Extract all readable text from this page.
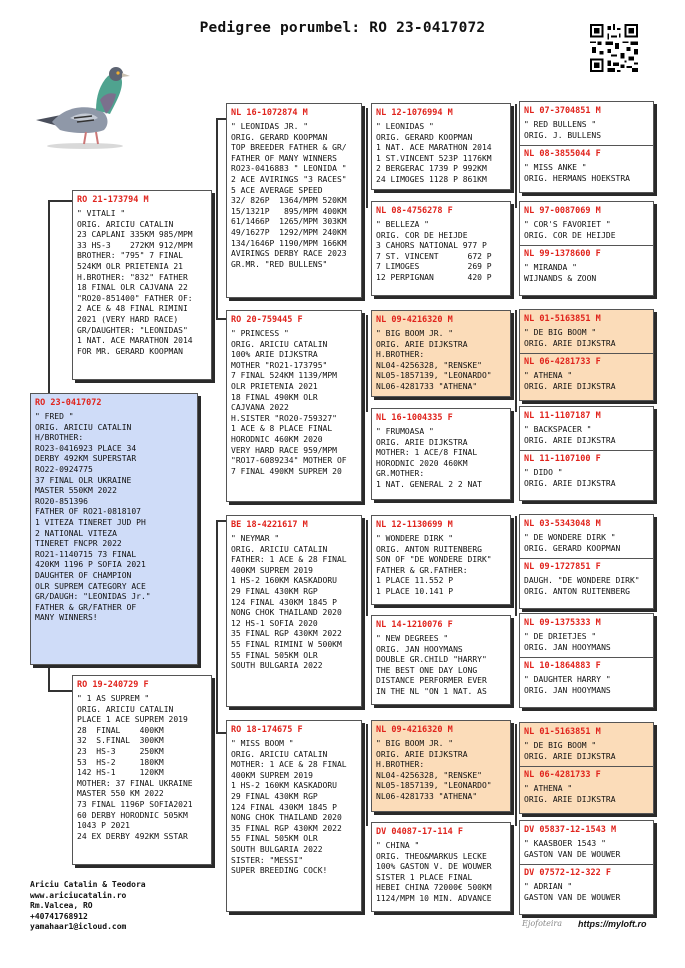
Pedigree porumbel: RO 23-0417072
RO 23-0417072
" FRED "
ORIG. ARICIU CATALIN
H/BROTHER:
RO23-0416923 PLACE 34
DERBY 492KM SUPERSTAR
RO22-0924775
37 FINAL OLR UKRAINE
MASTER 550KM 2022
RO20-851396
FATHER OF RO21-0818107
1 VITEZA TINERET JUD PH
2 NATIONAL VITEZA
TINERET FNCPR 2022
RO21-1140715 73 FINAL
420KM 1196 P SOFIA 2021
DAUGHTER OF CHAMPION
OLR SUPREM CATEGORY ACE
GR/DAUGH: "LEONIDAS Jr."
FATHER & GR/FATHER OF
MANY WINNERS!
RO 21-173794 M
" VITALI "
ORIG. ARICIU CATALIN
23 CAPLANI 335KM 985/MPM
33 HS-3    272KM 912/MPM
BROTHER: "795" 7 FINAL
524KM OLR PRIETENIA 21
H.BROTHER: "832" FATHER
18 FINAL OLR CAJVANA 22
"RO20-851400" FATHER OF:
2 ACE & 48 FINAL RIMINI
2021 (VERY HARD RACE)
GR/DAUGHTER: "LEONIDAS"
1 NAT. ACE MARATHON 2014
FOR MR. GERARD KOOPMAN
RO 19-240729 F
" 1 AS SUPREM "
ORIG. ARICIU CATALIN
PLACE 1 ACE SUPREM 2019
28  FINAL    400KM
32  S.FINAL  300KM
23  HS-3     250KM
53  HS-2     180KM
142 HS-1     120KM
MOTHER: 37 FINAL UKRAINE
MASTER 550 KM 2022
73 FINAL 1196P SOFIA2021
60 DERBY HORODNIC 505KM
1043 P 2021
24 EX DERBY 492KM SSTAR
NL 16-1072874 M
" LEONIDAS JR. "
ORIG. GERARD KOOPMAN
TOP BREEDER FATHER & GR/
FATHER OF MANY WINNERS
RO23-0416883 " LEONIDA "
2 ACE AVIRINGS "3 RACES"
5 ACE AVERAGE SPEED
32/ 826P  1364/MPM 520KM
15/1321P   895/MPM 400KM
61/1466P  1265/MPM 303KM
49/1627P  1292/MPM 240KM
134/1646P 1190/MPM 166KM
AVIRINGS DERBY RACE 2023
GR.MR. "RED BULLENS"
RO 20-759445 F
" PRINCESS "
ORIG. ARICIU CATALIN
100% ARIE DIJKSTRA
MOTHER "RO21-173795"
7 FINAL 524KM 1139/MPM
OLR PRIETENIA 2021
18 FINAL 490KM OLR
CAJVANA 2022
H.SISTER "RO20-759327"
1 ACE & 8 PLACE FINAL
HORODNIC 460KM 2020
VERY HARD RACE 959/MPM
"RO17-6089234" MOTHER OF
7 FINAL 490KM SUPREM 20
BE 18-4221617 M
" NEYMAR "
ORIG. ARICIU CATALIN
FATHER: 1 ACE & 28 FINAL
400KM SUPREM 2019
1 HS-2 160KM KASKADORU
29 FINAL 430KM RGP
124 FINAL 430KM 1845 P
NONG CHOK THAILAND 2020
12 HS-1 SOFIA 2020
35 FINAL RGP 430KM 2022
55 FINAL RIMINI W 500KM
55 FINAL 505KM OLR
SOUTH BULGARIA 2022
RO 18-174675 F
" MISS BOOM "
ORIG. ARICIU CATALIN
MOTHER: 1 ACE & 28 FINAL
400KM SUPREM 2019
1 HS-2 160KM KASKADORU
29 FINAL 430KM RGP
124 FINAL 430KM 1845 P
NONG CHOK THAILAND 2020
35 FINAL RGP 430KM 2022
55 FINAL 505KM OLR
SOUTH BULGARIA 2022
SISTER: "MESSI"
SUPER BREEDING COCK!
NL 12-1076994 M
" LEONIDAS "
ORIG. GERARD KOOPMAN
1 NAT. ACE MARATHON 2014
1 ST.VINCENT 523P 1176KM
2 BERGERAC 1739 P 992KM
24 LIMOGES 1128 P 861KM
NL 08-4756278 F
" BELLEZA "
ORIG. COR DE HEIJDE
3 CAHORS NATIONAL 977 P
7 ST. VINCENT      672 P
7 LIMOGES          269 P
12 PERPIGNAN       420 P
NL 09-4216320 M
" BIG BOOM JR. "
ORIG. ARIE DIJKSTRA
H.BROTHER:
NL04-4256328, "RENSKE"
NL05-1857139, "LEONARDO"
NL06-4281733 "ATHENA"
NL 16-1004335 F
" FRUMOASA "
ORIG. ARIE DIJKSTRA
MOTHER: 1 ACE/8 FINAL
HORODNIC 2020 460KM
GR.MOTHER:
1 NAT. GENERAL 2 2 NAT
NL 12-1130699 M
" WONDERE DIRK "
ORIG. ANTON RUITENBERG
SON OF "DE WONDERE DIRK"
FATHER & GR.FATHER:
1 PLACE 11.552 P
1 PLACE 10.141 P
NL 14-1210076 F
" NEW DEGREES "
ORIG. JAN HOOYMANS
DOUBLE GR.CHILD "HARRY"
THE BEST ONE DAY LONG
DISTANCE PERFORMER EVER
IN THE NL "ON 1 NAT. AS
NL 09-4216320 M
" BIG BOOM JR. "
ORIG. ARIE DIJKSTRA
H.BROTHER:
NL04-4256328, "RENSKE"
NL05-1857139, "LEONARDO"
NL06-4281733 "ATHENA"
DV 04087-17-114 F
" CHINA "
ORIG. THEO&MARKUS LECKE
100% GASTON V. DE WOUWER
SISTER 1 PLACE FINAL
HEBEI CHINA 72000€ 500KM
1124/MPM 10 MIN. ADVANCE
NL 07-3704851 M
" RED BULLENS "
ORIG. J. BULLENS
NL 08-3855044 F
" MISS ANKE "
ORIG. HERMANS HOEKSTRA
NL 97-0087069 M
" COR'S FAVORIET "
ORIG. COR DE HEIJDE
NL 99-1378600 F
" MIRANDA "
WIJNANDS & ZOON
NL 01-5163851 M
" DE BIG BOOM "
ORIG. ARIE DIJKSTRA
NL 06-4281733 F
" ATHENA "
ORIG. ARIE DIJKSTRA
NL 11-1107187 M
" BACKSPACER "
ORIG. ARIE DIJKSTRA
NL 11-1107100 F
" DIDO "
ORIG. ARIE DIJKSTRA
NL 03-5343048 M
" DE WONDERE DIRK "
ORIG. GERARD KOOPMAN
NL 09-1727851 F
DAUGH. "DE WONDERE DIRK"
ORIG. ANTON RUITENBERG
NL 09-1375333 M
" DE DRIETJES "
ORIG. JAN HOOYMANS
NL 10-1864883 F
" DAUGHTER HARRY "
ORIG. JAN HOOYMANS
NL 01-5163851 M
" DE BIG BOOM "
ORIG. ARIE DIJKSTRA
NL 06-4281733 F
" ATHENA "
ORIG. ARIE DIJKSTRA
DV 05837-12-1543 M
" KAASBOER 1543 "
GASTON VAN DE WOUWER
DV 07572-12-322 F
" ADRIAN "
GASTON VAN DE WOUWER
Ariciu Catalin & Teodora
www.ariciucatalin.ro
Rm.Valcea, RO
+40741768912
yamahaar1@icloud.com	Ejofoteira https://myloft.ro
